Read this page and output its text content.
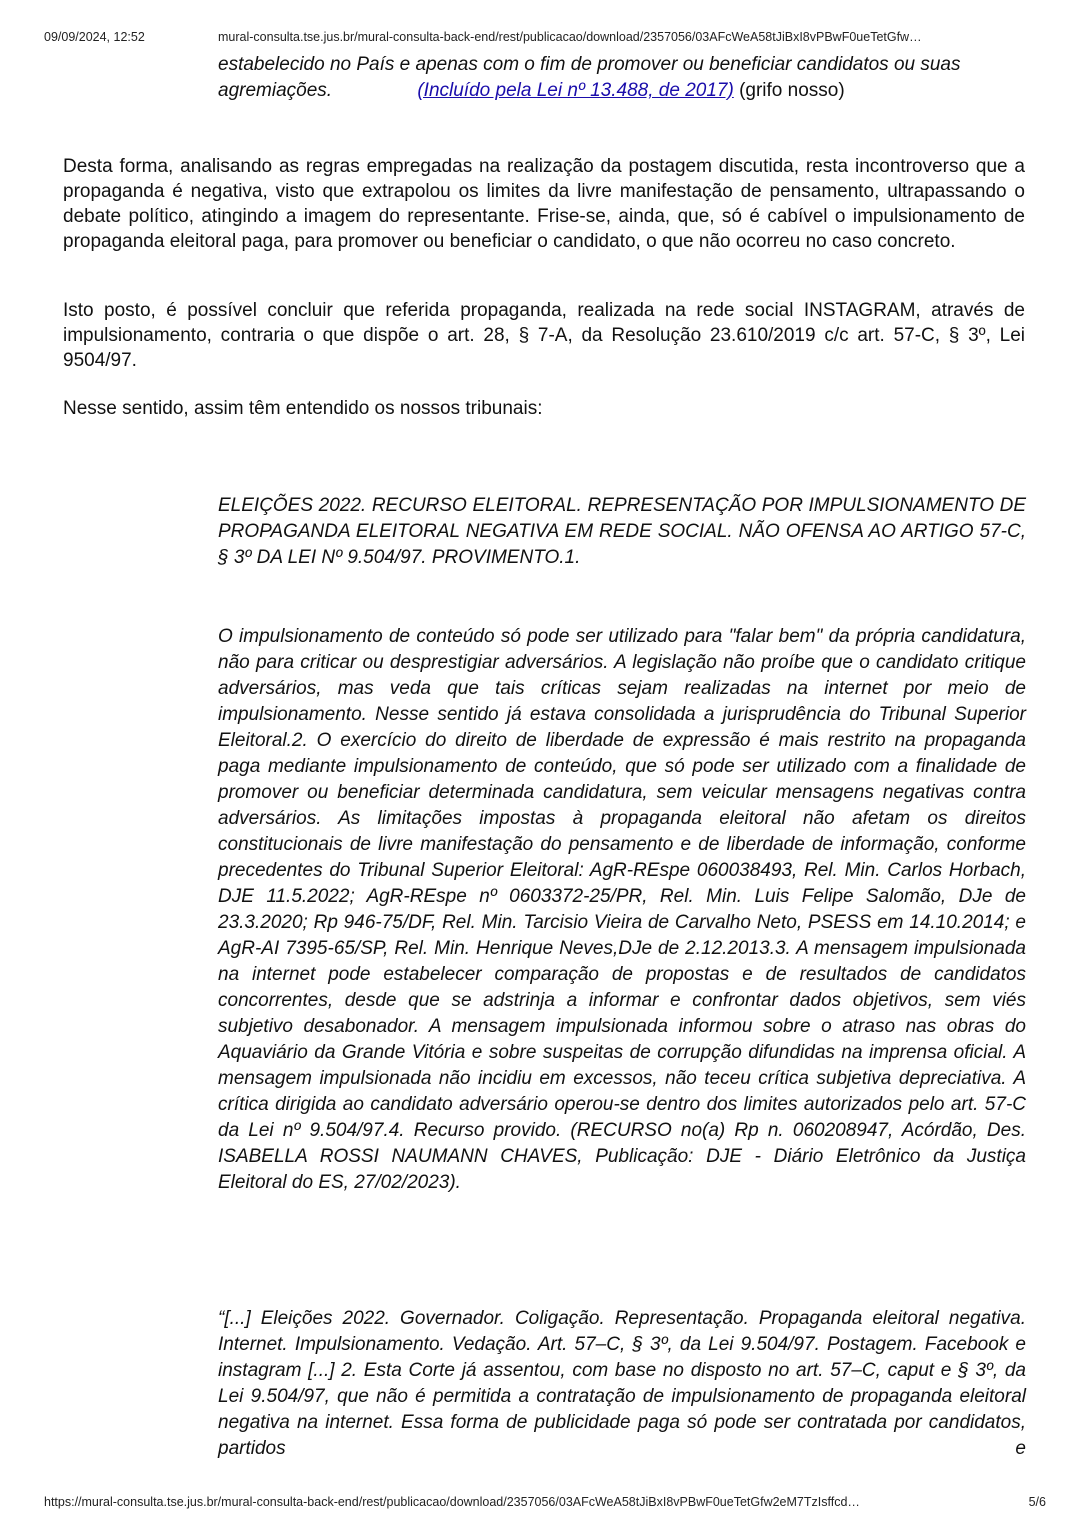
09/09/2024, 12:52	mural-consulta.tse.jus.br/mural-consulta-back-end/rest/publicacao/download/2357056/03AFcWeA58tJiBxI8vPBwF0ueTetGfw…
estabelecido no País e apenas com o fim de promover ou beneficiar candidatos ou suas agremiações.	(Incluído pela Lei nº 13.488, de 2017) (grifo nosso)

Desta forma, analisando as regras empregadas na realização da postagem discutida, resta incontroverso que a propaganda é negativa, visto que extrapolou os limites da livre manifestação de pensamento, ultrapassando o debate político, atingindo a imagem do representante. Frise-se, ainda, que, só é cabível o impulsionamento de propaganda eleitoral paga, para promover ou beneficiar o candidato, o que não ocorreu no caso concreto.

Isto posto, é possível concluir que referida propaganda, realizada na rede social INSTAGRAM, através de impulsionamento, contraria o que dispõe o art. 28, § 7-A, da Resolução 23.610/2019 c/c art. 57-C, § 3º, Lei 9504/97.

Nesse sentido, assim têm entendido os nossos tribunais:

ELEIÇÕES 2022. RECURSO ELEITORAL. REPRESENTAÇÃO POR IMPULSIONAMENTO DE PROPAGANDA ELEITORAL NEGATIVA EM REDE SOCIAL. NÃO OFENSA AO ARTIGO 57-C, § 3º DA LEI Nº 9.504/97. PROVIMENTO.1.

O impulsionamento de conteúdo só pode ser utilizado para "falar bem" da própria candidatura, não para criticar ou desprestigiar adversários. A legislação não proíbe que o candidato critique adversários, mas veda que tais críticas sejam realizadas na internet por meio de impulsionamento. Nesse sentido já estava consolidada a jurisprudência do Tribunal Superior Eleitoral.2. O exercício do direito de liberdade de expressão é mais restrito na propaganda paga mediante impulsionamento de conteúdo, que só pode ser utilizado com a finalidade de promover ou beneficiar determinada candidatura, sem veicular mensagens negativas contra adversários. As limitações impostas à propaganda eleitoral não afetam os direitos constitucionais de livre manifestação do pensamento e de liberdade de informação, conforme precedentes do Tribunal Superior Eleitoral: AgR-REspe 060038493, Rel. Min. Carlos Horbach, DJE 11.5.2022; AgR-REspe nº 0603372-25/PR, Rel. Min. Luis Felipe Salomão, DJe de 23.3.2020; Rp 946-75/DF, Rel. Min. Tarcisio Vieira de Carvalho Neto, PSESS em 14.10.2014; e AgR-AI 7395-65/SP, Rel. Min. Henrique Neves,DJe de 2.12.2013.3. A mensagem impulsionada na internet pode estabelecer comparação de propostas e de resultados de candidatos concorrentes, desde que se adstrinja a informar e confrontar dados objetivos, sem viés subjetivo desabonador. A mensagem impulsionada informou sobre o atraso nas obras do Aquaviário da Grande Vitória e sobre suspeitas de corrupção difundidas na imprensa oficial. A mensagem impulsionada não incidiu em excessos, não teceu crítica subjetiva depreciativa. A crítica dirigida ao candidato adversário operou-se dentro dos limites autorizados pelo art. 57-C da Lei nº 9.504/97.4. Recurso provido. (RECURSO no(a) Rp n. 060208947, Acórdão, Des. ISABELLA ROSSI NAUMANN CHAVES, Publicação: DJE - Diário Eletrônico da Justiça Eleitoral do ES, 27/02/2023).

“[...] Eleições 2022. Governador. Coligação. Representação. Propaganda eleitoral negativa. Internet. Impulsionamento. Vedação. Art. 57–C, § 3º, da Lei 9.504/97. Postagem. Facebook e instagram [...] 2. Esta Corte já assentou, com base no disposto no art. 57–C, caput e § 3º, da Lei 9.504/97, que não é permitida a contratação de impulsionamento de propaganda eleitoral negativa na internet. Essa forma de publicidade paga só pode ser contratada por candidatos, partidos e

https://mural-consulta.tse.jus.br/mural-consulta-back-end/rest/publicacao/download/2357056/03AFcWeA58tJiBxI8vPBwF0ueTetGfw2eM7TzIsffcd…	5/6
